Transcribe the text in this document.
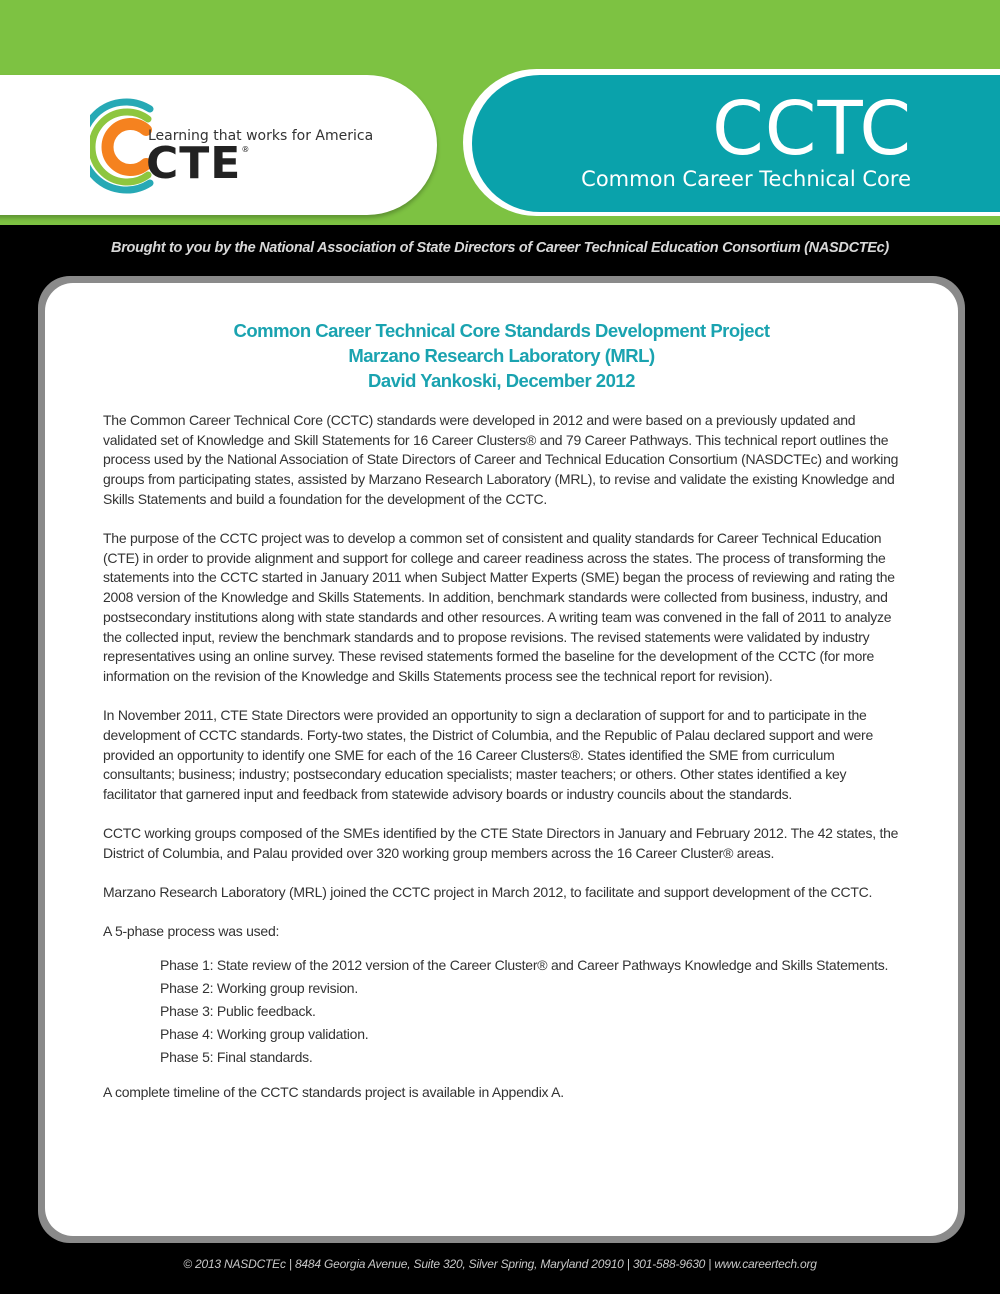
Learning that works for America
CTE®	CCTC
Common Career Technical Core
Brought to you by the National Association of State Directors of Career Technical Education Consortium (NASDCTEc)
Common Career Technical Core Standards Development Project
Marzano Research Laboratory (MRL)
David Yankoski, December 2012

The Common Career Technical Core (CCTC) standards were developed in 2012 and were based on a previously updated and validated set of Knowledge and Skill Statements for 16 Career Clusters® and 79 Career Pathways. This technical report outlines the process used by the National Association of State Directors of Career and Technical Education Consortium (NASDCTEc) and working groups from participating states, assisted by Marzano Research Laboratory (MRL), to revise and validate the existing Knowledge and Skills Statements and build a foundation for the development of the CCTC.

The purpose of the CCTC project was to develop a common set of consistent and quality standards for Career Technical Education (CTE) in order to provide alignment and support for college and career readiness across the states. The process of transforming the statements into the CCTC started in January 2011 when Subject Matter Experts (SME) began the process of reviewing and rating the 2008 version of the Knowledge and Skills Statements. In addition, benchmark standards were collected from business, industry, and postsecondary institutions along with state standards and other resources. A writing team was convened in the fall of 2011 to analyze the collected input, review the benchmark standards and to propose revisions. The revised statements were validated by industry representatives using an online survey. These revised statements formed the baseline for the development of the CCTC (for more information on the revision of the Knowledge and Skills Statements process see the technical report for revision).

In November 2011, CTE State Directors were provided an opportunity to sign a declaration of support for and to participate in the development of CCTC standards. Forty-two states, the District of Columbia, and the Republic of Palau declared support and were provided an opportunity to identify one SME for each of the 16 Career Clusters®. States identified the SME from curriculum consultants; business; industry; postsecondary education specialists; master teachers; or others. Other states identified a key facilitator that garnered input and feedback from statewide advisory boards or industry councils about the standards.

CCTC working groups composed of the SMEs identified by the CTE State Directors in January and February 2012. The 42 states, the District of Columbia, and Palau provided over 320 working group members across the 16 Career Cluster® areas.

Marzano Research Laboratory (MRL) joined the CCTC project in March 2012, to facilitate and support development of the CCTC.

A 5-phase process was used:

Phase 1: State review of the 2012 version of the Career Cluster® and Career Pathways Knowledge and Skills Statements.
Phase 2: Working group revision.
Phase 3: Public feedback.
Phase 4: Working group validation.
Phase 5: Final standards.

A complete timeline of the CCTC standards project is available in Appendix A.

© 2013 NASDCTEc | 8484 Georgia Avenue, Suite 320, Silver Spring, Maryland 20910 | 301-588-9630 | www.careertech.org
